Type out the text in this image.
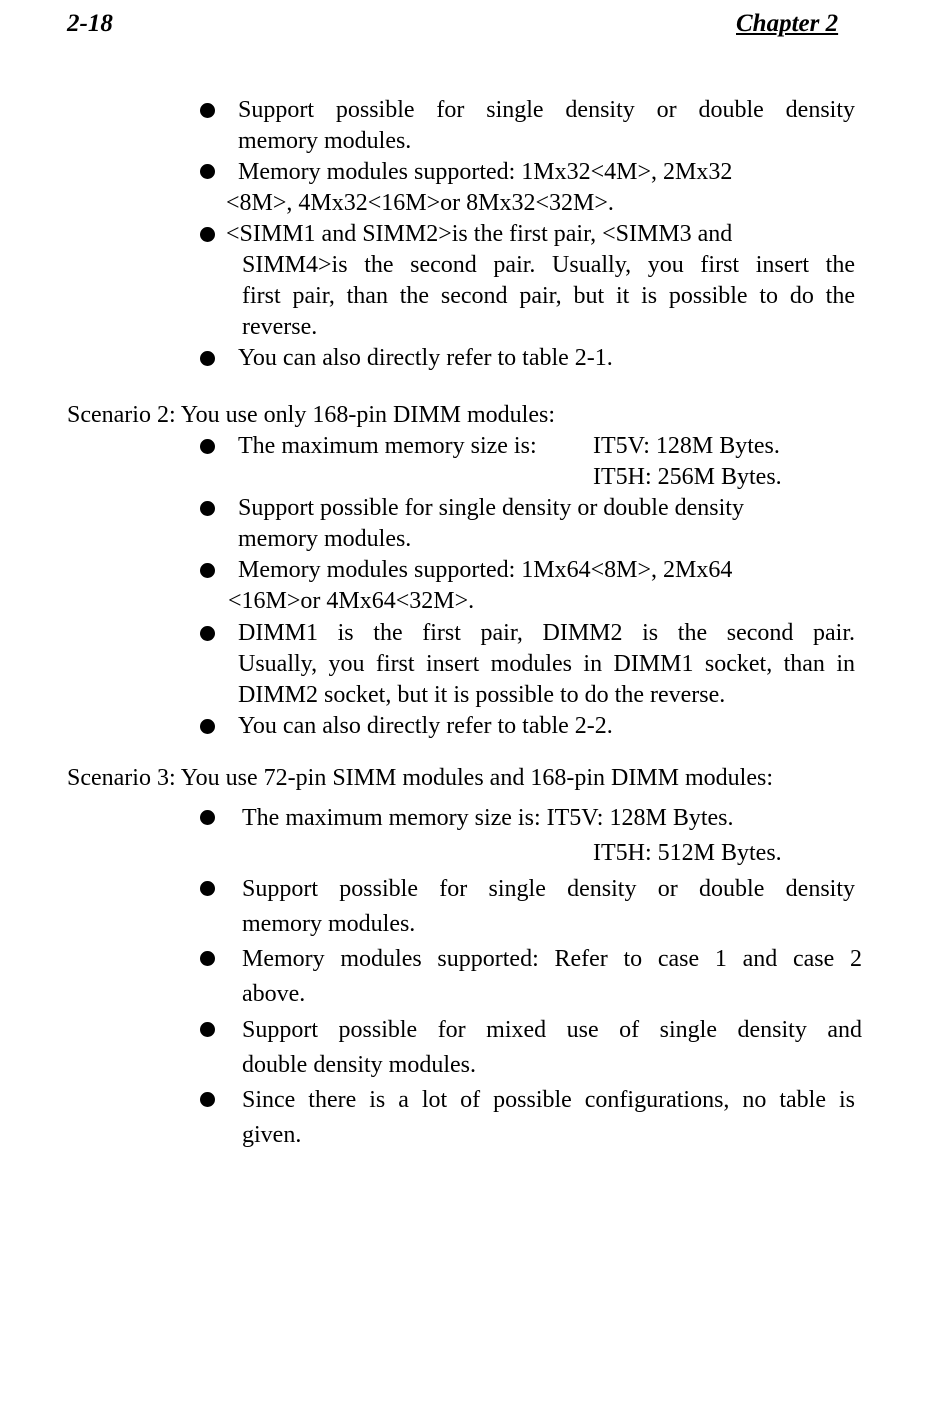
2-18	Chapter 2
Support possible for single density or double density
memory modules.
Memory modules supported: 1Mx32<4M>, 2Mx32
<8M>, 4Mx32<16M>or 8Mx32<32M>.
<SIMM1 and SIMM2>is the first pair, <SIMM3 and
SIMM4>is the second pair. Usually, you first insert the
first pair, than the second pair, but it is possible to do the
reverse.
You can also directly refer to table 2-1.
Scenario 2: You use only 168-pin DIMM modules:
The maximum memory size is: IT5V: 128M Bytes.
IT5H: 256M Bytes.
Support possible for single density or double density
memory modules.
Memory modules supported: 1Mx64<8M>, 2Mx64
<16M>or 4Mx64<32M>.
DIMM1 is the first pair, DIMM2 is the second pair.
Usually, you first insert modules in DIMM1 socket, than in
DIMM2 socket, but it is possible to do the reverse.
You can also directly refer to table 2-2.
Scenario 3: You use 72-pin SIMM modules and 168-pin DIMM modules:
The maximum memory size is: IT5V: 128M Bytes.
IT5H: 512M Bytes.
Support possible for single density or double density
memory modules.
Memory modules supported: Refer to case 1 and case 2
above.
Support possible for mixed use of single density and
double density modules.
Since there is a lot of possible configurations, no table is
given.
